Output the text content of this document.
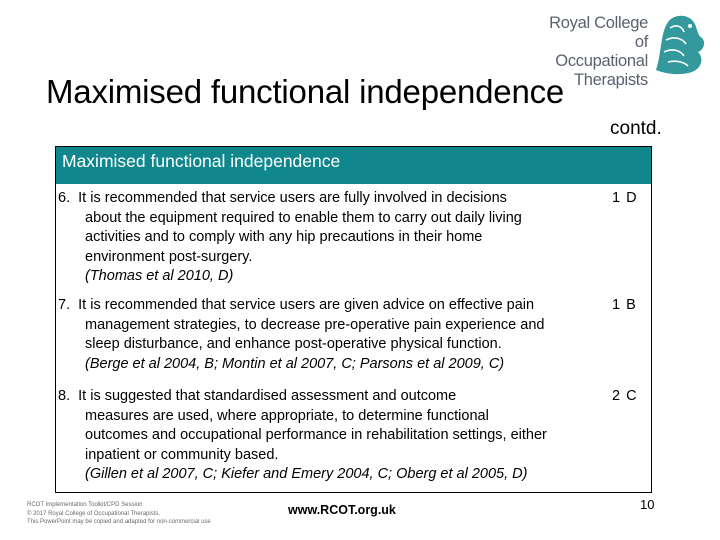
Royal College of
Occupational
Therapists
Maximised functional independence
contd.
Maximised functional independence
6. It is recommended that service users are fully involved in decisions
about the equipment required to enable them to carry out daily living
activities and to comply with any hip precautions in their home
environment post-surgery.
(Thomas et al 2010, D)
1 D
7. It is recommended that service users are given advice on effective pain
management strategies, to decrease pre-operative pain experience and
sleep disturbance, and enhance post-operative physical function.
(Berge et al 2004, B; Montin et al 2007, C; Parsons et al 2009, C)
1 B
8. It is suggested that standardised assessment and outcome
measures are used, where appropriate, to determine functional
outcomes and occupational performance in rehabilitation settings, either
inpatient or community based.
(Gillen et al 2007, C; Kiefer and Emery 2004, C; Oberg et al 2005, D)
2 C
RCOT Implementation Toolkit/CPD Session
© 2017 Royal College of Occupational Therapists.
This PowerPoint may be copied and adapted for non-commercial use
www.RCOT.org.uk	10
